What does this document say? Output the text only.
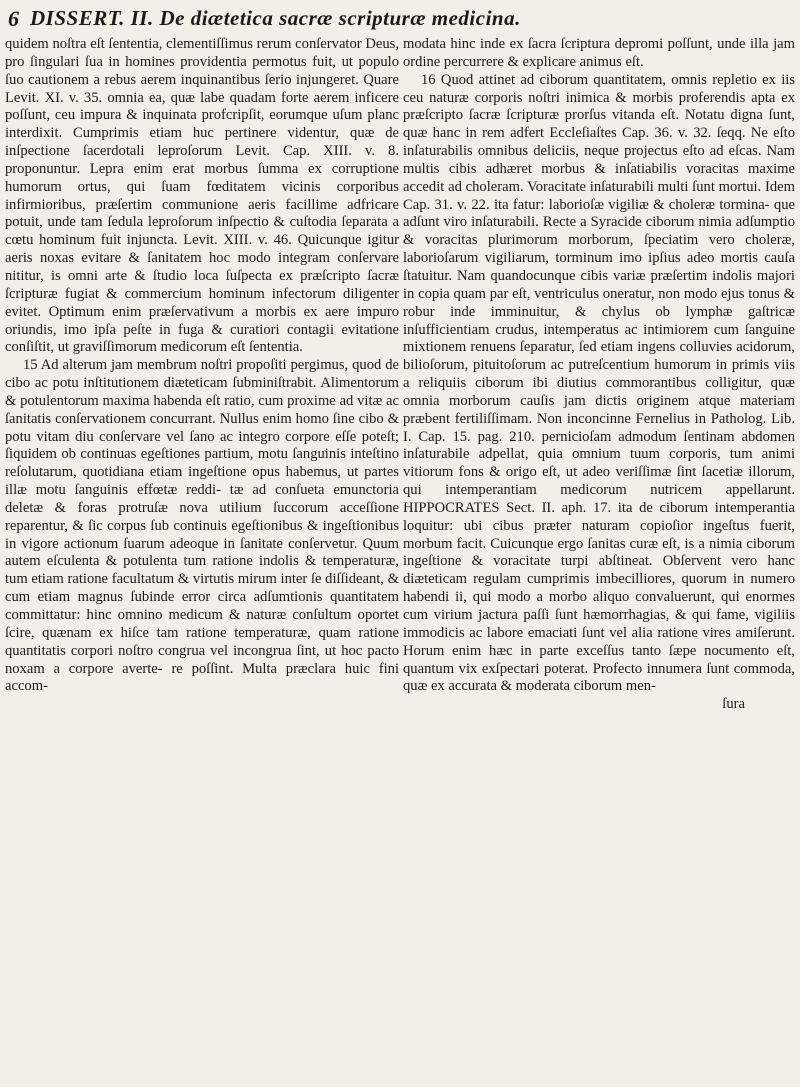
6 DISSERT. II. De diætetica sacræ scripturæ medicina.

quidem noſtra eſt ſententia, clementiſſimus rerum conſervator Deus, pro ſingulari ſua in homines providentia permotus fuit, ut populo ſuo cautionem a rebus aerem inquinantibus ſerio injungeret. Quare Levit. XI. v. 35. omnia ea, quæ labe quadam forte aerem inficere poſſunt, ceu impura & inquinata profcripſit, eorumque uſum planc interdixit. Cumprimis etiam huc pertinere videntur, quæ de inſpectione ſacerdotali leproſorum Levit. Cap. XIII. v. 8. proponuntur. Lepra enim erat morbus ſumma ex corruptione humorum ortus, qui ſuam fœditatem vicinis corporibus infirmioribus, præſertim communione aeris facillime adfricare potuit, unde tam ſedula leproſorum inſpectio & cuſtodia ſeparata a cœtu hominum fuit injuncta. Levit. XIII. v. 46. Quicunque igitur aeris noxas evitare & ſanitatem hoc modo integram conſervare nititur, is omni arte & ſtudio loca ſuſpecta ex præſcripto ſacræ ſcripturæ fugiat & commercium hominum infectorum diligenter evitet. Optimum enim præſervativum a morbis ex aere impuro oriundis, imo ipſa peſte in fuga & curatiori contagii evitatione conſiſtit, ut graviſſimorum medicorum eſt ſententia.

15 Ad alterum jam membrum noſtri propoſiti pergimus, quod de cibo ac potu inſtitutionem diæteticam ſubminiſtrabit. Alimentorum & potulentorum maxima habenda eſt ratio, cum proxime ad vitæ ac ſanitatis conſervationem concurrant. Nullus enim homo ſine cibo & potu vitam diu conſervare vel ſano ac integro corpore eſſe poteſt; ſiquidem ob continuas egeſtiones partium, motu ſanguinis inteſtino reſolutarum, quotidiana etiam ingeſtione opus habemus, ut partes illæ motu ſanguinis effœtæ reddi- tæ ad conſueta emunctoria deletæ & foras protruſæ nova utilium ſuccorum acceſſione reparentur, & ſic corpus ſub continuis egeſtionibus & ingeſtionibus in vigore actionum ſuarum adeoque in ſanitate conſervetur. Quum autem eſculenta & potulenta tum ratione indolis & temperaturæ, tum etiam ratione facultatum & virtutis mirum inter ſe diſſideant, & cum etiam magnus ſubinde error circa adſumtionis quantitatem committatur: hinc omnino medicum & naturæ conſultum oportet ſcire, quænam ex hiſce tam ratione temperaturæ, quam ratione quantitatis corpori noſtro congrua vel incongrua ſint, ut hoc pacto noxam a corpore averte- re poſſint. Multa præclara huic fini accom-

modata hinc inde ex ſacra ſcriptura depromi poſſunt, unde illa jam ordine percurrere & explicare animus eſt.

16 Quod attinet ad ciborum quantitatem, omnis repletio ex iis ceu naturæ corporis noſtri inimica & morbis proferendis apta ex præſcripto ſacræ ſcripturæ prorſus vitanda eſt. Notatu digna ſunt, quæ hanc in rem adfert Eccleſiaſtes Cap. 36. v. 32. ſeqq. Ne eſto inſaturabilis omnibus deliciis, neque projectus eſto ad eſcas. Nam multis cibis adhæret morbus & inſatiabilis voracitas maxime accedit ad choleram. Voracitate inſaturabili multi ſunt mortui. Idem Cap. 31. v. 22. ita fatur: laborioſæ vigiliæ & choleræ tormina- que adſunt viro inſaturabili. Recte a Syracide ciborum nimia adſumptio & voracitas plurimorum morborum, ſpeciatim vero choleræ, laborioſarum vigiliarum, torminum imo ipſius adeo mortis cauſa ſtatuitur. Nam quandocunque cibis variæ præſertim indolis majori in copia quam par eſt, ventriculus oneratur, non modo ejus tonus & robur inde imminuitur, & chylus ob lymphæ gaſtricæ inſufficientiam crudus, intemperatus ac intimiorem cum ſanguine mixtionem renuens ſeparatur, ſed etiam ingens colluvies acidorum, bilioſorum, pituitoſorum ac putreſcentium humorum in primis viis a reliquiis ciborum ibi diutius commorantibus colligitur, quæ omnia morborum cauſis jam dictis originem atque materiam præbent fertiliſſimam. Non inconcinne Fernelius in Patholog. Lib. I. Cap. 15. pag. 210. pernicioſam admodum ſentinam abdomen inſaturabile adpellat, quia omnium tuum corporis, tum animi vitiorum fons & origo eſt, ut adeo veriſſimæ ſint ſacetiæ illorum, qui intemperantiam medicorum nutricem appellarunt. HIPPOCRATES Sect. II. aph. 17. ita de ciborum intemperantia loquitur: ubi cibus præter naturam copioſior ingeſtus fuerit, morbum facit. Cuicunque ergo ſanitas curæ eſt, is a nimia ciborum ingeſtione & voracitate turpi abſtineat. Obſervent vero hanc diæteticam regulam cumprimis imbecilliores, quorum in numero habendi ii, qui modo a morbo aliquo convaluerunt, qui enormes cum virium jactura paſſi ſunt hæmorrhagias, & qui fame, vigiliis immodicis ac labore emaciati ſunt vel alia ratione vires amiſerunt. Horum enim hæc in parte exceſſus tanto ſæpe nocumento eſt, quantum vix exſpectari poterat. Profecto innumera ſunt commoda, quæ ex accurata & moderata ciborum men-

ſura
